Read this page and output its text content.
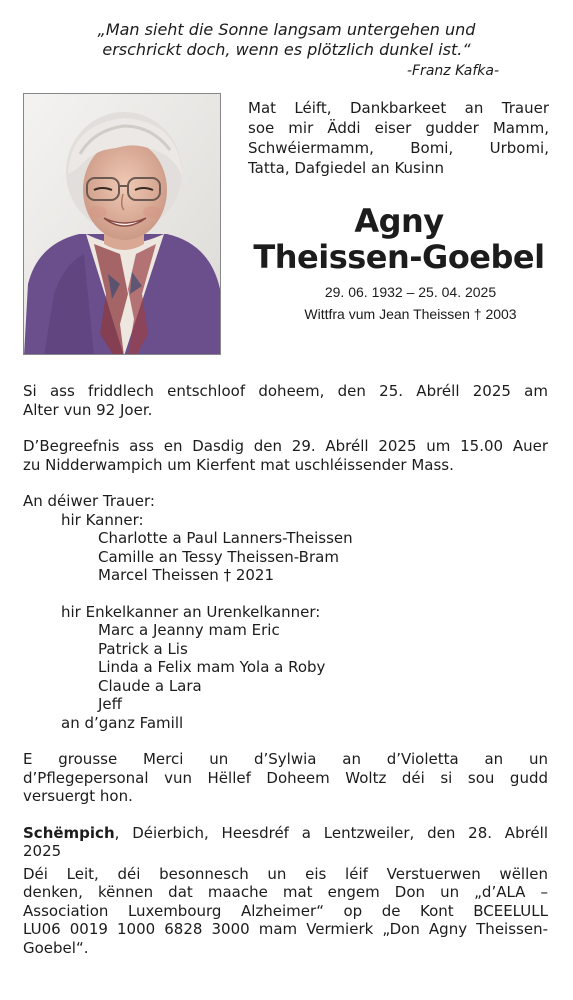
„Man sieht die Sonne langsam untergehen und
erschrickt doch, wenn es plötzlich dunkel ist.“
-Franz Kafka-
Mat Léift, Dankbarkeet an Trauer
soe mir Äddi eiser gudder Mamm,
Schwéiermamm, Bomi, Urbomi,
Tatta, Dafgiedel an Kusinn
Agny
Theissen-Goebel
29. 06. 1932 – 25. 04. 2025
Wittfra vum Jean Theissen † 2003

Si ass friddlech entschloof doheem, den 25. Abréll 2025 am
Alter vun 92 Joer.

D’Begreefnis ass en Dasdig den 29. Abréll 2025 um 15.00 Auer
zu Nidderwampich um Kierfent mat uschléissender Mass.

An déiwer Trauer:
hir Kanner:
Charlotte a Paul Lanners-Theissen
Camille an Tessy Theissen-Bram
Marcel Theissen † 2021

hir Enkelkanner an Urenkelkanner:
Marc a Jeanny mam Eric
Patrick a Lis
Linda a Felix mam Yola a Roby
Claude a Lara
Jeff
an d’ganz Famill

E grousse Merci un d’Sylwia an d’Violetta an un
d’Pflegepersonal vun Hëllef Doheem Woltz déi si sou gudd
versuergt hon.

Schëmpich, Déierbich, Heesdréf a Lentzweiler, den 28. Abréll
2025

Déi Leit, déi besonnesch un eis léif Verstuerwen wëllen
denken, kënnen dat maache mat engem Don un „d’ALA –
Association Luxembourg Alzheimer“ op de Kont BCEELULL
LU06 0019 1000 6828 3000 mam Vermierk „Don Agny Theissen-
Goebel“.
